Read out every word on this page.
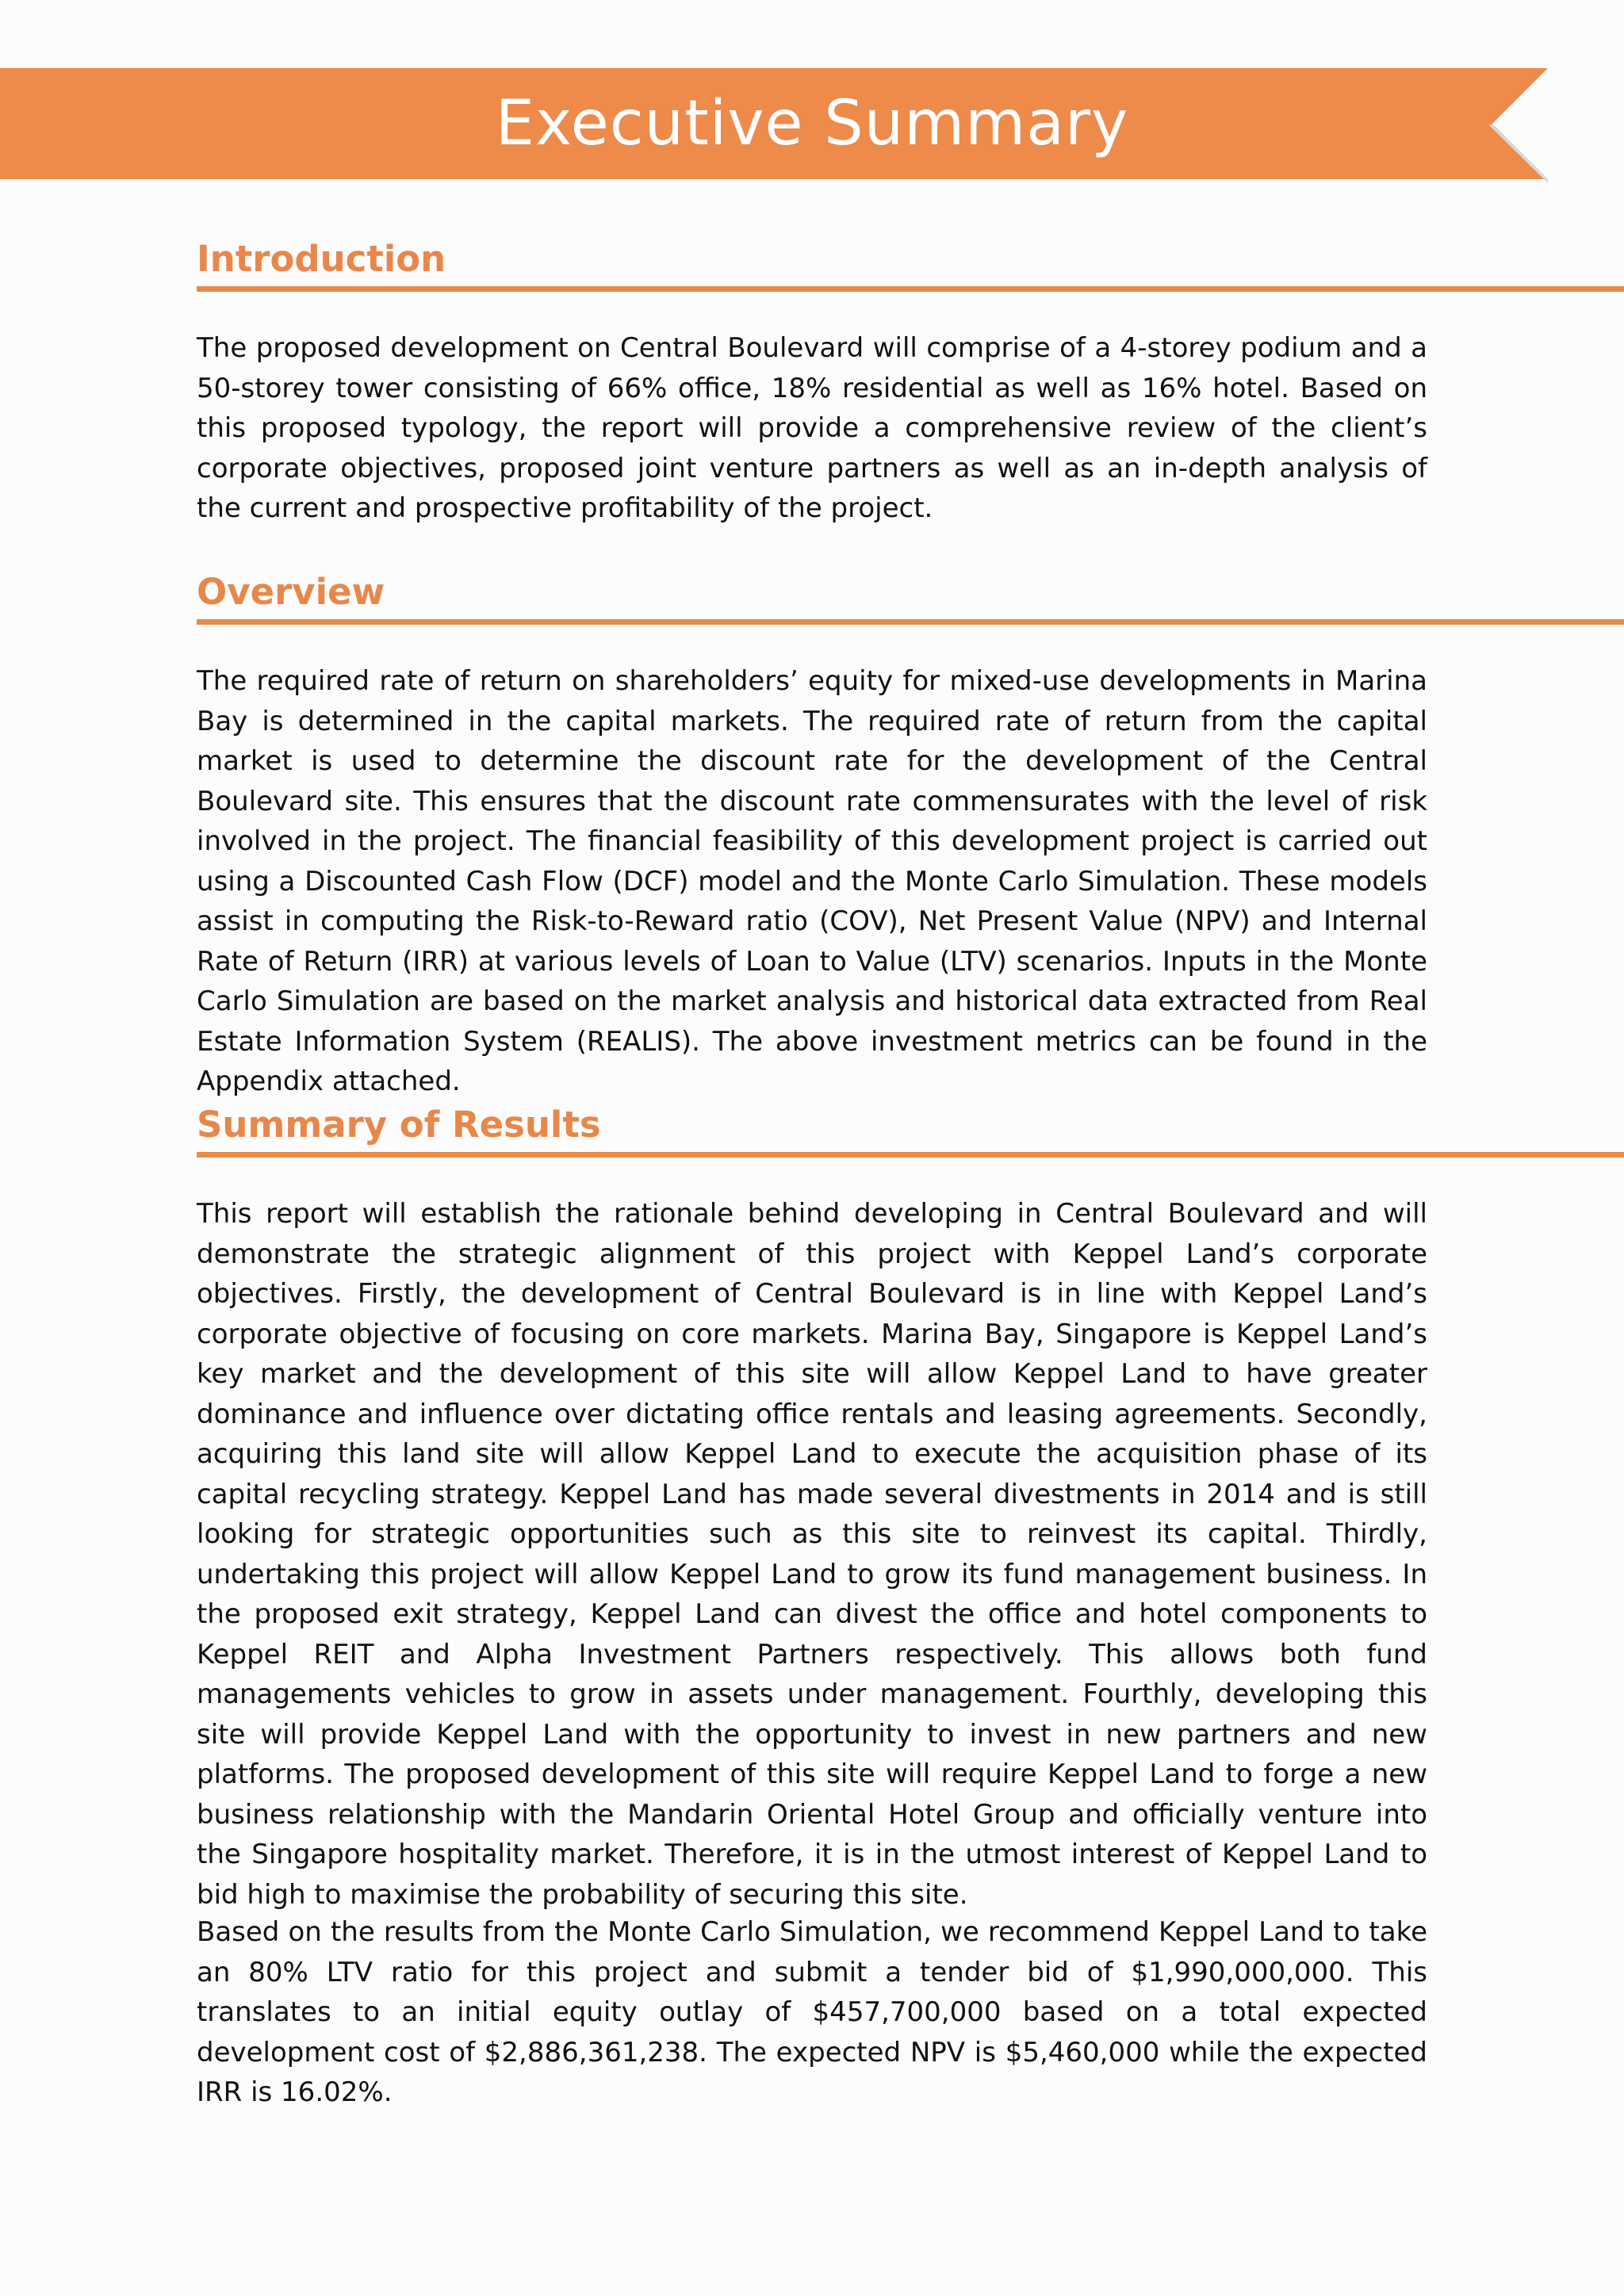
Executive Summary
Introduction

The proposed development on Central Boulevard will comprise of a 4-storey podium and a 50-storey tower consisting of 66% office, 18% residential as well as 16% hotel. Based on this proposed typology, the report will provide a comprehensive review of the client’s corporate objectives, proposed joint venture partners as well as an in-depth analysis of the current and prospective profitability of the project.

Overview

The required rate of return on shareholders’ equity for mixed-use developments in Marina Bay is determined in the capital markets. The required rate of return from the capital market is used to determine the discount rate for the development of the Central Boulevard site. This ensures that the discount rate commensurates with the level of risk involved in the project. The financial feasibility of this development project is carried out using a Discounted Cash Flow (DCF) model and the Monte Carlo Simulation. These models assist in computing the Risk-to-Reward ratio (COV), Net Present Value (NPV) and Internal Rate of Return (IRR) at various levels of Loan to Value (LTV) scenarios. Inputs in the Monte Carlo Simulation are based on the market analysis and historical data extracted from Real Estate Information System (REALIS). The above investment metrics can be found in the Appendix attached.

Summary of Results

This report will establish the rationale behind developing in Central Boulevard and will demonstrate the strategic alignment of this project with Keppel Land’s corporate objectives. Firstly, the development of Central Boulevard is in line with Keppel Land’s corporate objective of focusing on core markets. Marina Bay, Singapore is Keppel Land’s key market and the development of this site will allow Keppel Land to have greater dominance and influence over dictating office rentals and leasing agreements. Secondly, acquiring this land site will allow Keppel Land to execute the acquisition phase of its capital recycling strategy. Keppel Land has made several divestments in 2014 and is still looking for strategic opportunities such as this site to reinvest its capital. Thirdly, undertaking this project will allow Keppel Land to grow its fund management business. In the proposed exit strategy, Keppel Land can divest the office and hotel components to Keppel REIT and Alpha Investment Partners respectively. This allows both fund managements vehicles to grow in assets under management. Fourthly, developing this site will provide Keppel Land with the opportunity to invest in new partners and new platforms. The proposed development of this site will require Keppel Land to forge a new business relationship with the Mandarin Oriental Hotel Group and officially venture into the Singapore hospitality market. Therefore, it is in the utmost interest of Keppel Land to bid high to maximise the probability of securing this site.

Based on the results from the Monte Carlo Simulation, we recommend Keppel Land to take an 80% LTV ratio for this project and submit a tender bid of $1,990,000,000. This translates to an initial equity outlay of $457,700,000 based on a total expected development cost of $2,886,361,238. The expected NPV is $5,460,000 while the expected IRR is 16.02%.
